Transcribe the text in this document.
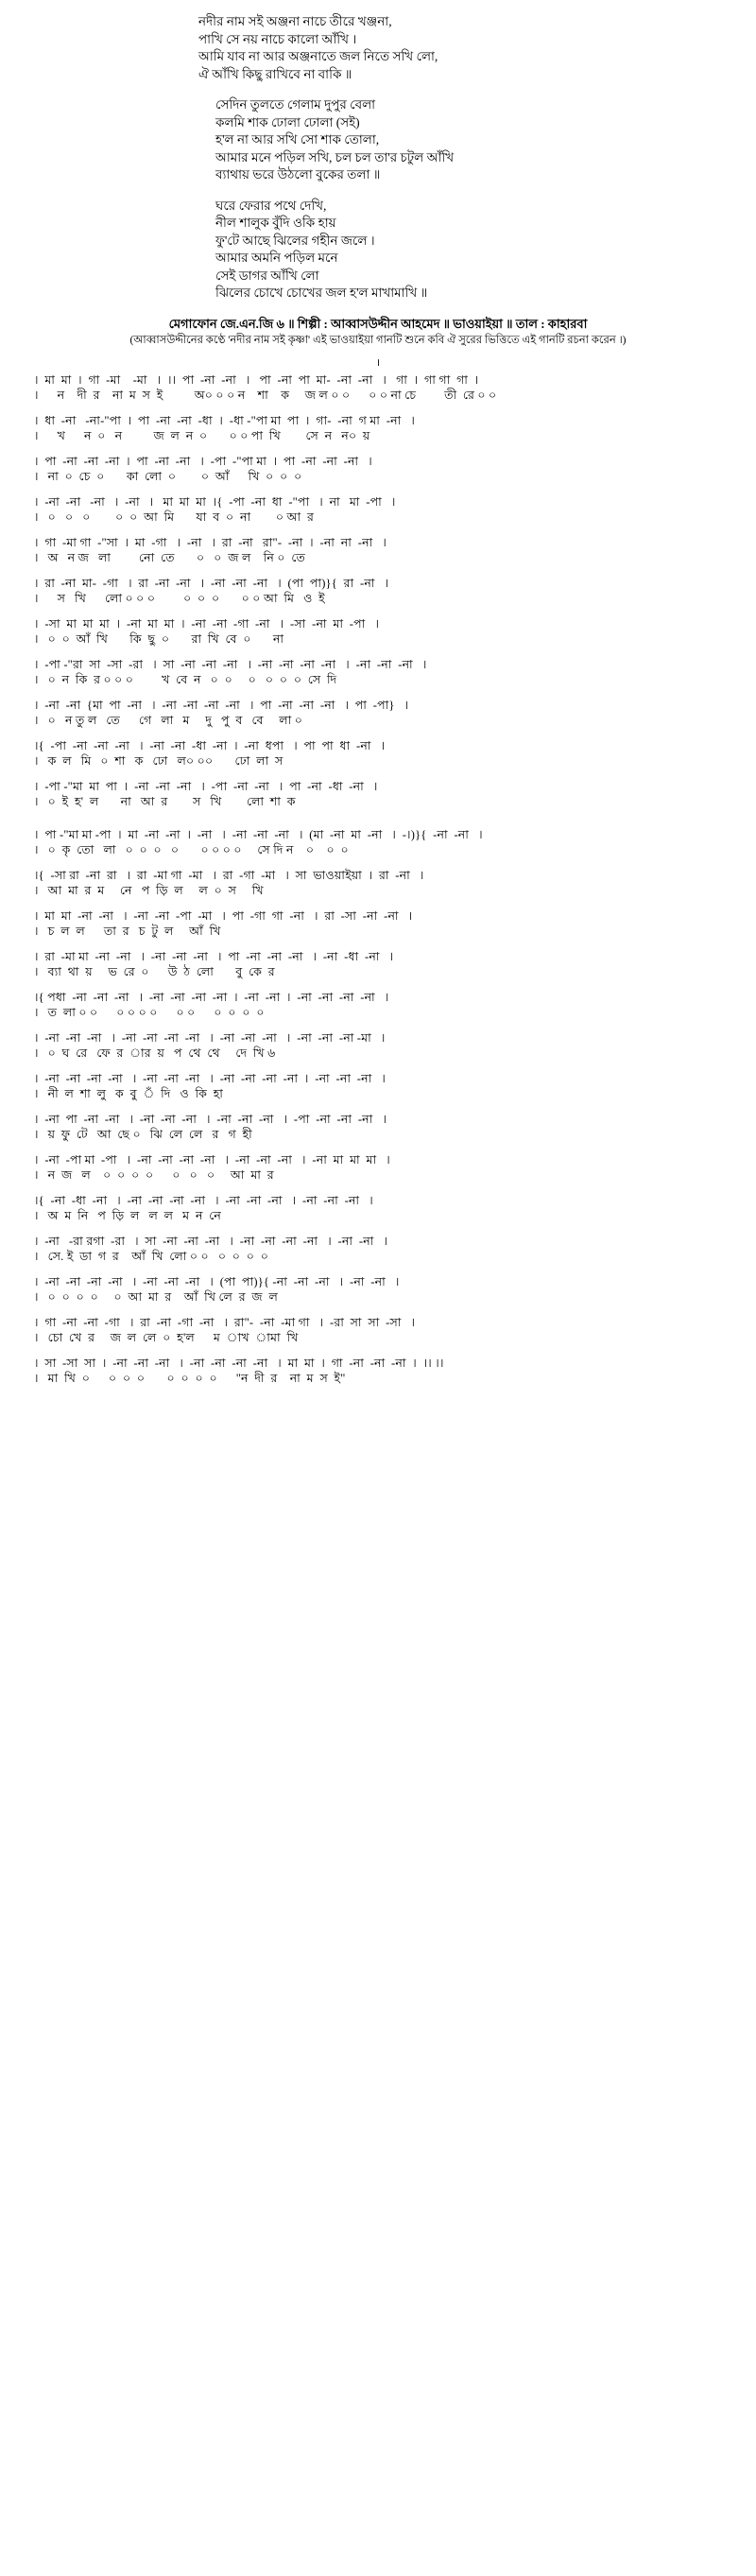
নদীর নাম সই অঞ্জনা নাচে তীরে খঞ্জনা,
পাখি সে নয় নাচে কালো আঁখি ।
আমি যাব না আর অঞ্জনাতে জল নিতে সখি লো,
ঐ আঁখি কিছু রাখিবে না বাকি ॥
সেদিন তুলতে গেলাম দুপুর বেলা
কলমি শাক ঢোলা ঢোলা (সই)
হ'ল না আর সখি সো শাক তোলা,
আমার মনে পড়িল সখি, চল চল তা'র চটুল আঁখি
ব্যাথায় ভরে উঠলো বুকের তলা ॥
ঘরে ফেরার পথে দেখি,
নীল শালুক বুঁদি ওকি হায়
ফু'টে আছে ঝিলের গহীন জলে ।
আমার অমনি পড়িল মনে
সেই ডাগর আঁখি লো
ঝিলের চোখে চোখের জল হ'ল মাখামাখি ॥
মেগাফোন জে.এন.জি ৬ ॥ শিল্পী : আব্বাসউদ্দীন আহমেদ ॥ ভাওয়াইয়া ॥ তাল : কাহারবা
(আব্বাসউদ্দীনের কণ্ঠে 'নদীর নাম সই কৃষ্ণা' এই ভাওয়াইয়া গানটি শুনে কবি ঐ সুরের ভিত্তিতে এই গানটি রচনা করেন ।)
।
।  মা  মা  ।  গা  -মা    -মা   ।  ।।  পা  -না  -না   ।   পা  -না  পা  মা-  -না  -না   ।   গা  ।  গা গা  গা  ।
।      ন    দী  র    না  ম  স  ই          অ০ ০ ০ ন    শা    ক     জ ল ০ ০      ০ ০ না চে         তী  রে ০ ০
।  ধা  -না   -না-"পা  ।  পা  -না  -না  -ধা  ।  -ধা -"পা মা  পা  ।  গা-  -না  গ মা  -না   ।
।      খ      ন  ০   ন          জ  ল  ন  ০       ০ ০ পা  খি        সে  ন   ন০  য়
।  পা  -না  -না  -না  ।  পা  -না  -না   ।  -পা  -"পা মা  ।  পা  -না  -না  -না   ।
।   না  ০  চে  ০       কা  লো  ০        ০  আঁ      খি  ০  ০  ০
।  -না  -না   -না   ।  -না   ।   মা  মা  মা  ।{  -পা  -না  ধা  -"পা   ।  না   মা  -পা   ।
।   ০   ০   ০        ০  ০  আ  মি       যা  ব  ০  না        ০ আ  র
।  গা  -মা গা  -"সা  ।  মা  -গা   ।  -না   ।  রা  -না   রা"-  -না  ।  -না  না  -না   ।
।   অ   ন জ   লা         নো  তে       ০   ০  জ ল    নি ০  তে
।  রা  -না  মা-  -গা   ।  রা  -না  -না   ।  -না  -না  -না   ।  (পা  পা)}{  রা  -না   ।
।      স   খি      লো ০ ০ ০         ০  ০  ০       ০ ০ আ  মি   ও  ই
।  -সা  মা  মা  মা  ।  -না  মা  মা  ।  -না  -না  -গা  -না   ।  -সা  -না  মা  -পা   ।
।   ০  ০  আঁ  খি       কি  ছু  ০       রা  খি  বে  ০       না
।  -পা -"রা  সা  -সা  -রা   ।  সা  -না  -না  -না   ।  -না  -না  -না  -না   ।  -না  -না  -না   ।
।   ০  ন  কি  র ০ ০ ০         খ  বে  ন   ০  ০     ০   ০  ০  ০  সে  দি
।  -না  -না  {মা  পা  -না   ।  -না  -না  -না  -না   ।  পা  -না  -না  -না   ।  পা  -পা}   ।
।   ০   ন তু ল   তে      গে   লা   ম     দু   পু  ব   বে     লা ০
।{  -পা  -না  -না  -না   ।  -না  -না  -ধা  -না  ।  -না  ধপা   ।  পা  পা  ধা  -না   ।
।   ক  ল   মি   ০  শা   ক   ঢো   ল০ ০০       ঢো  লা  স
।  -পা -"মা  মা  পা  ।  -না  -না  -না   ।  -পা  -না  -না   ।  পা  -না  -ধা  -না   ।
।   ০  ই  হ'  ল       না   আ  র        স   খি        লো  শা  ক
।  পা -"মা মা -পা  ।  মা  -না  -না  ।  -না   ।  -না  -না  -না   ।  (মা  -না  মা  -না   ।  -।)}{  -না  -না   ।
।   ০  কৃ  তো   লা   ০  ০  ০   ০       ০ ০ ০ ০     সে দি ন    ০    ০  ০
।{  -সা রা  -না  রা   ।  রা  -মা গা  -মা   ।  রা  -গা  -মা   ।  সা  ভাওয়াইয়া  ।  রা  -না   ।
।   আ  মা  র  ম     নে   প  ড়ি  ল     ল  ০  স     খি
।  মা  মা  -না  -না   ।  -না  -না  -পা  -মা   ।  পা  -গা  গা  -না   ।  রা  -সা  -না  -না   ।
।   চ  ল  ল      তা  র   চ  টু  ল     আঁ  খি
।  রা  -মা মা  -না  -না   ।  -না  -না  -না   ।  পা  -না  -না  -না   ।  -না  -ধা  -না   ।
।   ব্যা  থা  য়     ভ  রে  ০      উ  ঠ  লো       বু  কে  র
।{ পধা  -না  -না  -না   ।  -না  -না  -না  -না  ।  -না  -না  ।  -না  -না  -না  -না   ।
।   ত  লা ০ ০      ০ ০ ০ ০      ০ ০      ০  ০  ০  ০
।  -না  -না  -না   ।  -না  -না  -না  -না   ।  -না  -না  -না   ।  -না  -না  -না -মা   ।
।   ০  ঘ  রে   ফে  র  ার  য়   প  থে  থে     দে  খি ৬
।  -না  -না  -না  -না   ।  -না  -না  -না   ।  -না  -না  -না  -না  ।  -না  -না  -না   ।
।   নী  ল  শা  লু   ক  বু  ঁ  দি   ও  কি  হা
।  -না  পা  -না  -না   ।  -না  -না  -না   ।  -না  -না  -না   ।  -পা  -না  -না  -না   ।
।   য়  ফু  টে   আ  ছে ০   ঝি  লে  লে   র   গ  হী
।  -না  -পা মা  -পা   ।  -না  -না  -না  -না   ।  -না  -না  -না   ।  -না  মা  মা  মা   ।
।   ন  জ   ল    ০  ০  ০  ০      ০   ০   ০     আ  মা  র
।{  -না  -ধা  -না   ।  -না  -না  -না  -না   ।  -না  -না  -না   ।  -না  -না  -না   ।
।   অ  ম  নি   প  ড়ি  ল   ল  ল   ম  ন  নে
।  -না   -রা রগা  -রা   ।  সা  -না  -না  -না   ।  -না  -না  -না  -না   ।  -না  -না   ।
।   সে. ই  ডা  গ  র    আঁ  খি  লো ০ ০   ০  ০  ০  ০
।  -না  -না  -না  -না   ।  -না  -না  -না   ।  (পা  পা)}{ -না  -না  -না   ।  -না  -না   ।
।   ০  ০  ০  ০     ০  আ  মা  র    আঁ  খি লে  র  জ  ল
।  গা  -না  -না  -গা   ।  রা  -না  -গা  -না   ।  রা"-  -না  -মা গা   ।  -রা  সা  সা  -সা   ।
।   চো  খে  র     জ  ল  লে  ০  হ'ল      ম  াখ  ামা  খি
।  সা  -সা  সা  ।  -না  -না  -না   ।  -না  -না  -না  -না   ।  মা  মা  ।  গা  -না  -না  -না  ।  ।। ।।
।   মা  খি  ০      ০  ০  ০       ০  ০  ০  ০      "ন  দী  র    না  ম  স  ই"
